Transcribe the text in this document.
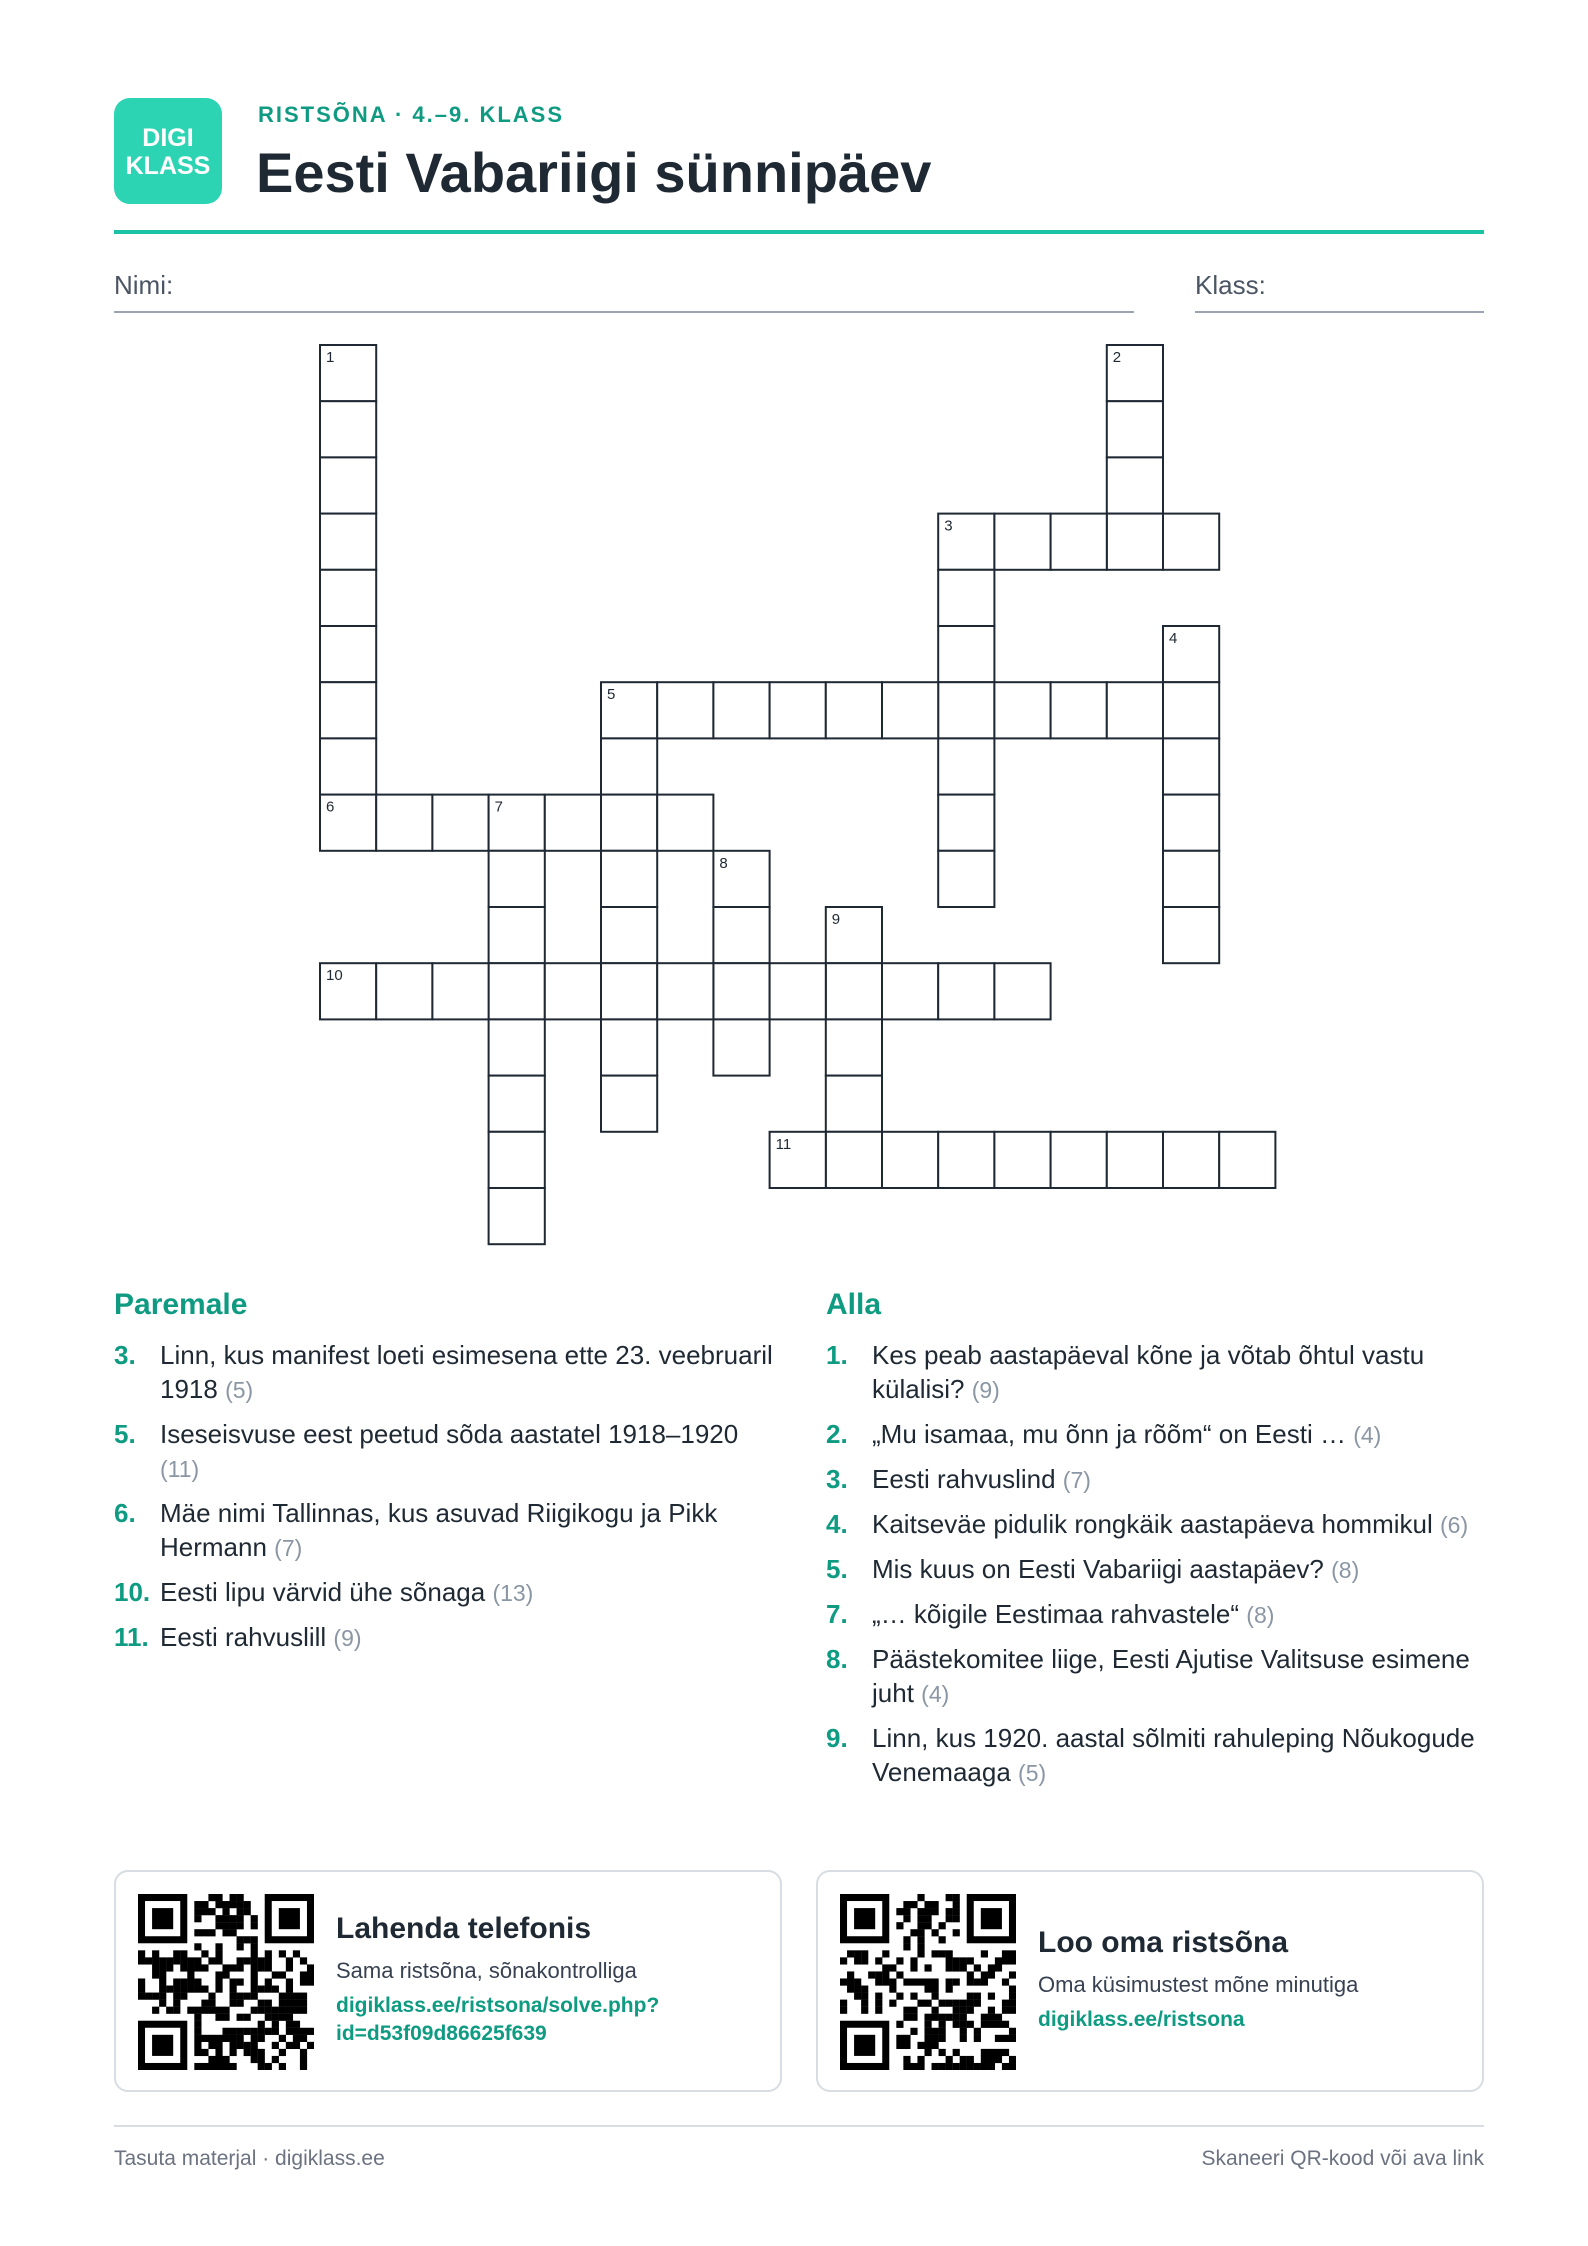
DIGI
KLASS
RISTSÕNA · 4.–9. KLASS
Eesti Vabariigi sünnipäev
Nimi:	Klass:
1	2
3
4
5
6	7
8
9
10
11
Paremale	Alla
3. Linn, kus manifest loeti esimesena ette 23. veebruaril 1918 (5)
5. Iseseisvuse eest peetud sõda aastatel 1918–1920 (11)
6. Mäe nimi Tallinnas, kus asuvad Riigikogu ja Pikk Hermann (7)
10. Eesti lipu värvid ühe sõnaga (13)
11. Eesti rahvuslill (9)
1. Kes peab aastapäeval kõne ja võtab õhtul vastu külalisi? (9)
2. „Mu isamaa, mu õnn ja rõõm“ on Eesti … (4)
3. Eesti rahvuslind (7)
4. Kaitseväe pidulik rongkäik aastapäeva hommikul (6)
5. Mis kuus on Eesti Vabariigi aastapäev? (8)
7. „… kõigile Eestimaa rahvastele“ (8)
8. Päästekomitee liige, Eesti Ajutise Valitsuse esimene juht (4)
9. Linn, kus 1920. aastal sõlmiti rahuleping Nõukogude Venemaaga (5)
Lahenda telefonis
Sama ristsõna, sõnakontrolliga
digiklass.ee/ristsona/solve.php?id=d53f09d86625f639
Loo oma ristsõna
Oma küsimustest mõne minutiga
digiklass.ee/ristsona
Tasuta materjal · digiklass.ee	Skaneeri QR-kood või ava link
